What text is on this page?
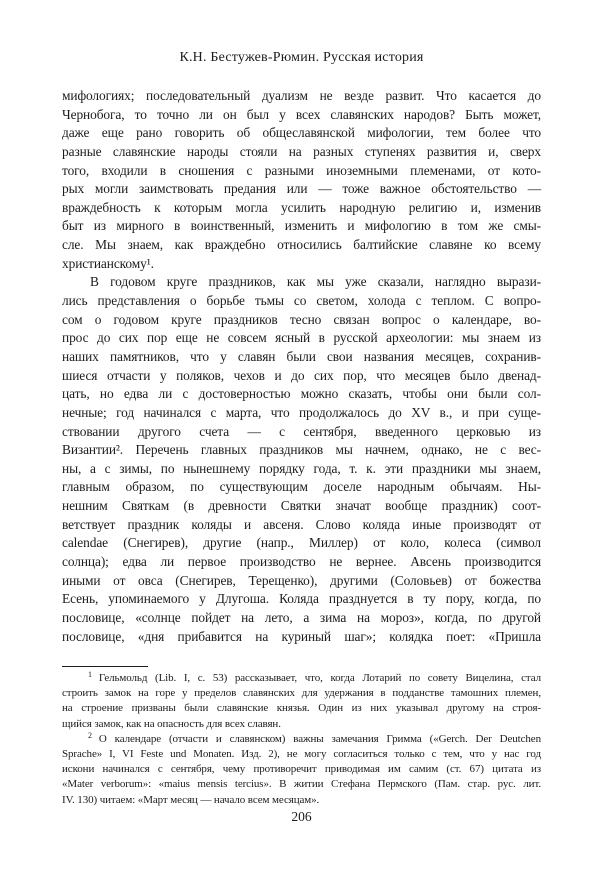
К.Н. Бестужев-Рюмин. Русская история
мифологиях; последовательный дуализм не везде развит. Что касается до
Чернобога, то точно ли он был у всех славянских народов? Быть может,
даже еще рано говорить об общеславянской мифологии, тем более что
разные славянские народы стояли на разных ступенях развития и, сверх
того, входили в сношения с разными иноземными племенами, от кото-
рых могли заимствовать предания или — тоже важное обстоятельство —
враждебность к которым могла усилить народную религию и, изменив
быт из мирного в воинственный, изменить и мифологию в том же смы-
сле. Мы знаем, как враждебно относились балтийские славяне ко всему
христианскому¹.
В годовом круге праздников, как мы уже сказали, наглядно вырази-
лись представления о борьбе тьмы со светом, холода с теплом. С вопро-
сом о годовом круге праздников тесно связан вопрос о календаре, во-
прос до сих пор еще не совсем ясный в русской археологии: мы знаем из
наших памятников, что у славян были свои названия месяцев, сохранив-
шиеся отчасти у поляков, чехов и до сих пор, что месяцев было двенад-
цать, но едва ли с достоверностью можно сказать, чтобы они были сол-
нечные; год начинался с марта, что продолжалось до XV в., и при суще-
ствовании другого счета — с сентября, введенного церковью из
Византии². Перечень главных праздников мы начнем, однако, не с вес-
ны, а с зимы, по нынешнему порядку года, т. к. эти праздники мы знаем,
главным образом, по существующим доселе народным обычаям. Ны-
нешним Святкам (в древности Святки значат вообще праздник) соот-
ветствует праздник коляды и авсеня. Слово коляда иные производят от
calendae (Снегирев), другие (напр., Миллер) от коло, колеса (символ
солнца); едва ли первое производство не вернее. Авсень производится
иными от овса (Снегирев, Терещенко), другими (Соловьев) от божества
Есень, упоминаемого у Длугоша. Коляда празднуется в ту пору, когда, по
пословице, «солнце пойдет на лето, а зима на мороз», когда, по другой
пословице, «дня прибавится на куриный шаг»; колядка поет: «Пришла
$^1$ Гельмольд (Lib. I, c. 53) рассказывает, что, когда Лотарий по совету Вицелина, стал
строить замок на горе у пределов славянских для удержания в подданстве тамошних племен,
на строение призваны были славянские князья. Один из них указывал другому на строя-
щийся замок, как на опасность для всех славян.
$^2$ О календаре (отчасти и славянском) важны замечания Гримма («Gerch. Der Deutchen
Sprache» I, VI Feste und Monaten. Изд. 2), не могу согласиться только с тем, что у нас год
искони начинался с сентября, чему противоречит приводимая им самим (ст. 67) цитата из
«Mater verborum»: «maius mensis tercius». В житии Стефана Пермского (Пам. стар. рус. лит.
IV. 130) читаем: «Март месяц — начало всем месяцам».
206
